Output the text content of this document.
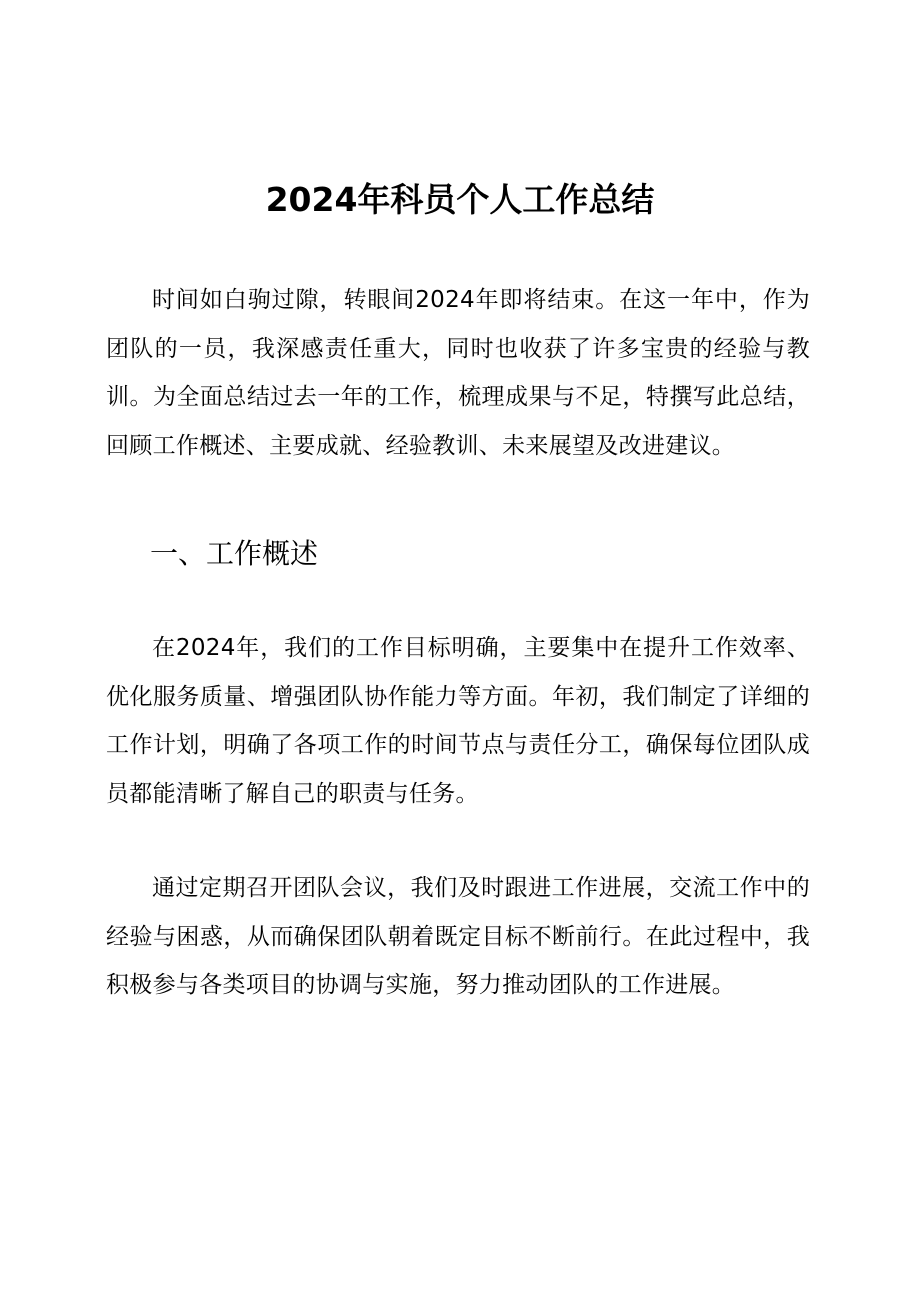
2024年科员个人工作总结

时间如白驹过隙，转眼间2024年即将结束。在这一年中，作为团队的一员，我深感责任重大，同时也收获了许多宝贵的经验与教训。为全面总结过去一年的工作，梳理成果与不足，特撰写此总结，回顾工作概述、主要成就、经验教训、未来展望及改进建议。

一、工作概述

在2024年，我们的工作目标明确，主要集中在提升工作效率、优化服务质量、增强团队协作能力等方面。年初，我们制定了详细的工作计划，明确了各项工作的时间节点与责任分工，确保每位团队成员都能清晰了解自己的职责与任务。

通过定期召开团队会议，我们及时跟进工作进展，交流工作中的经验与困惑，从而确保团队朝着既定目标不断前行。在此过程中，我积极参与各类项目的协调与实施，努力推动团队的工作进展。
